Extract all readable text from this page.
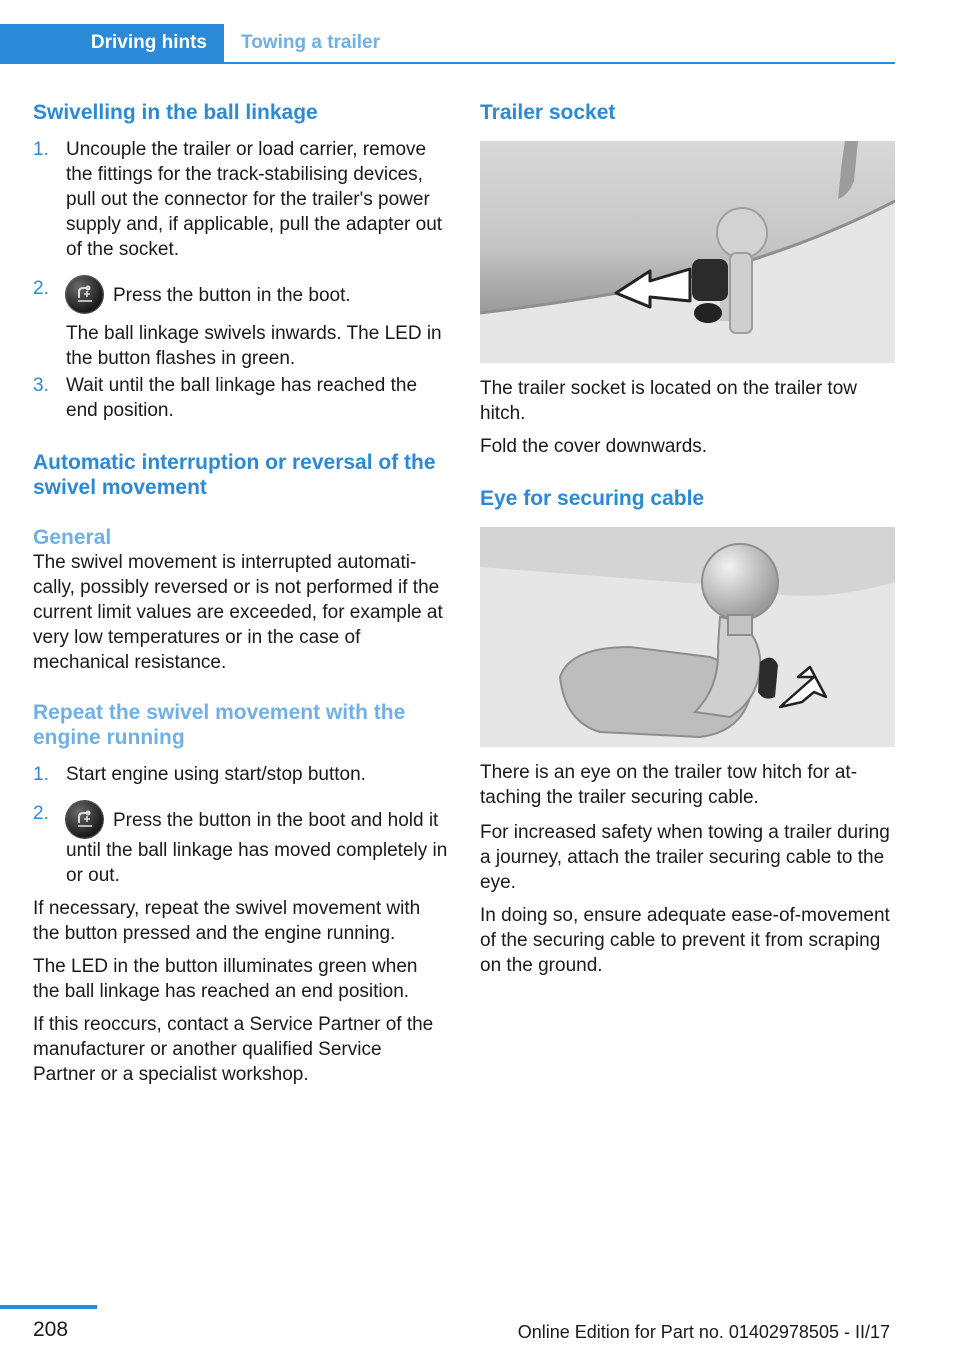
Driving hints	Towing a trailer
Swivelling in the ball linkage
1. Uncouple the trailer or load carrier, remove the fittings for the track-stabilising devices, pull out the connector for the trailer's power supply and, if applicable, pull the adapter out of the socket.
2.	Press the button in the boot.

The ball linkage swivels inwards. The LED in the button flashes in green.

3. Wait until the ball linkage has reached the end position.
Automatic interruption or reversal of the swivel movement
General

The swivel movement is interrupted automatically, possibly reversed or is not performed if the current limit values are exceeded, for example at very low temperatures or in the case of mechanical resistance.

Repeat the swivel movement with the engine running
1. Start engine using start/stop button.
2.	Press the button in the boot and hold it until the ball linkage has moved completely in or out.

If necessary, repeat the swivel movement with the button pressed and the engine running.

The LED in the button illuminates green when the ball linkage has reached an end position.

If this reoccurs, contact a Service Partner of the manufacturer or another qualified Service Partner or a specialist workshop.

Trailer socket

The trailer socket is located on the trailer tow hitch.

Fold the cover downwards.

Eye for securing cable

There is an eye on the trailer tow hitch for attaching the trailer securing cable.

For increased safety when towing a trailer during a journey, attach the trailer securing cable to the eye.

In doing so, ensure adequate ease-of-movement of the securing cable to prevent it from scraping on the ground.

208	Online Edition for Part no. 01402978505 - II/17
